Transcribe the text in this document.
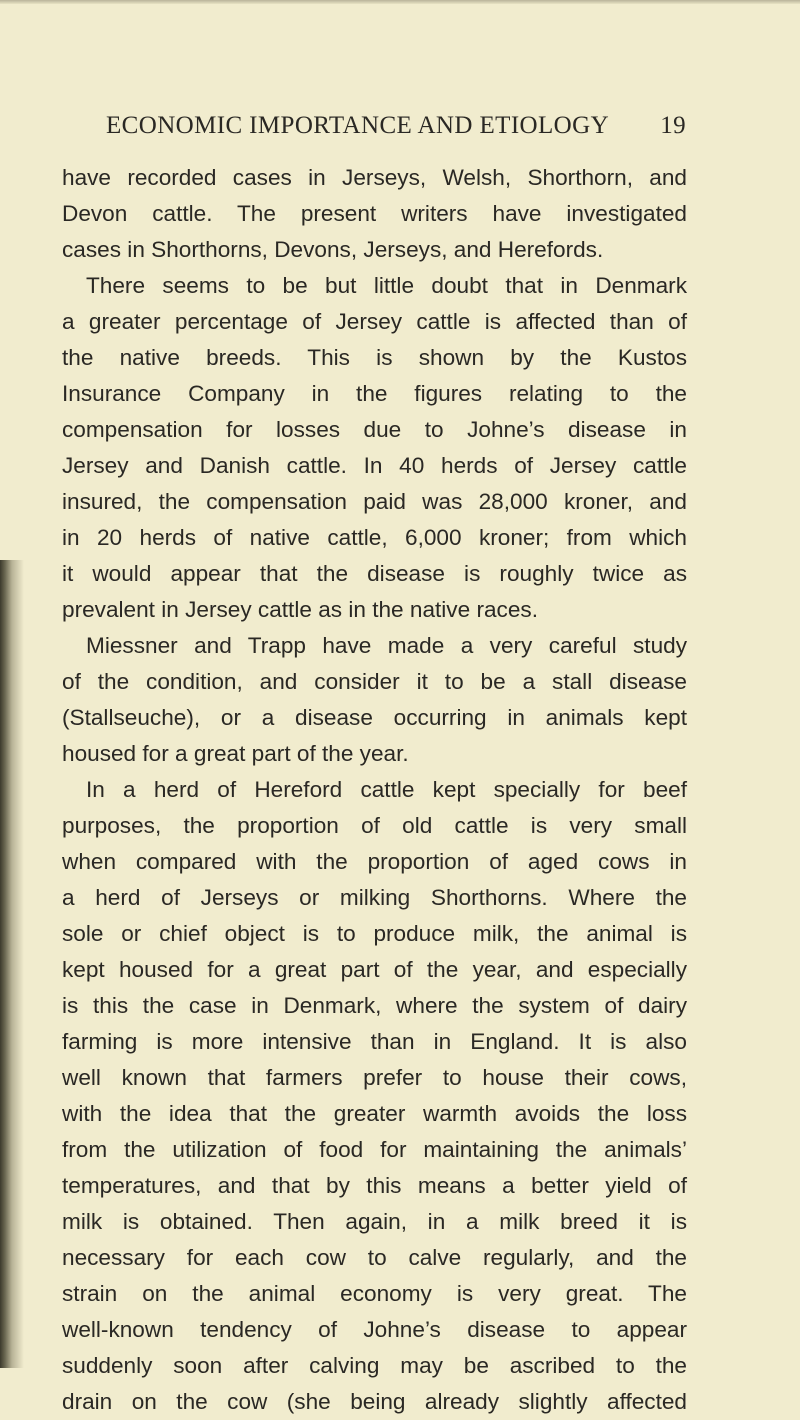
ECONOMIC IMPORTANCE AND ETIOLOGY 19
have recorded cases in Jerseys, Welsh, Shorthorn, and
Devon cattle. The present writers have investigated
cases in Shorthorns, Devons, Jerseys, and Herefords.
There seems to be but little doubt that in Denmark
a greater percentage of Jersey cattle is affected than of
the native breeds. This is shown by the Kustos
Insurance Company in the figures relating to the
compensation for losses due to Johne’s disease in
Jersey and Danish cattle. In 40 herds of Jersey cattle
insured, the compensation paid was 28,000 kroner, and
in 20 herds of native cattle, 6,000 kroner; from which
it would appear that the disease is roughly twice as
prevalent in Jersey cattle as in the native races.
Miessner and Trapp have made a very careful study
of the condition, and consider it to be a stall disease
(Stallseuche), or a disease occurring in animals kept
housed for a great part of the year.
In a herd of Hereford cattle kept specially for beef
purposes, the proportion of old cattle is very small
when compared with the proportion of aged cows in
a herd of Jerseys or milking Shorthorns. Where the
sole or chief object is to produce milk, the animal is
kept housed for a great part of the year, and especially
is this the case in Denmark, where the system of dairy
farming is more intensive than in England. It is also
well known that farmers prefer to house their cows,
with the idea that the greater warmth avoids the loss
from the utilization of food for maintaining the animals’
temperatures, and that by this means a better yield of
milk is obtained. Then again, in a milk breed it is
necessary for each cow to calve regularly, and the
strain on the animal economy is very great. The
well-known tendency of Johne’s disease to appear
suddenly soon after calving may be ascribed to the
drain on the cow (she being already slightly affected
